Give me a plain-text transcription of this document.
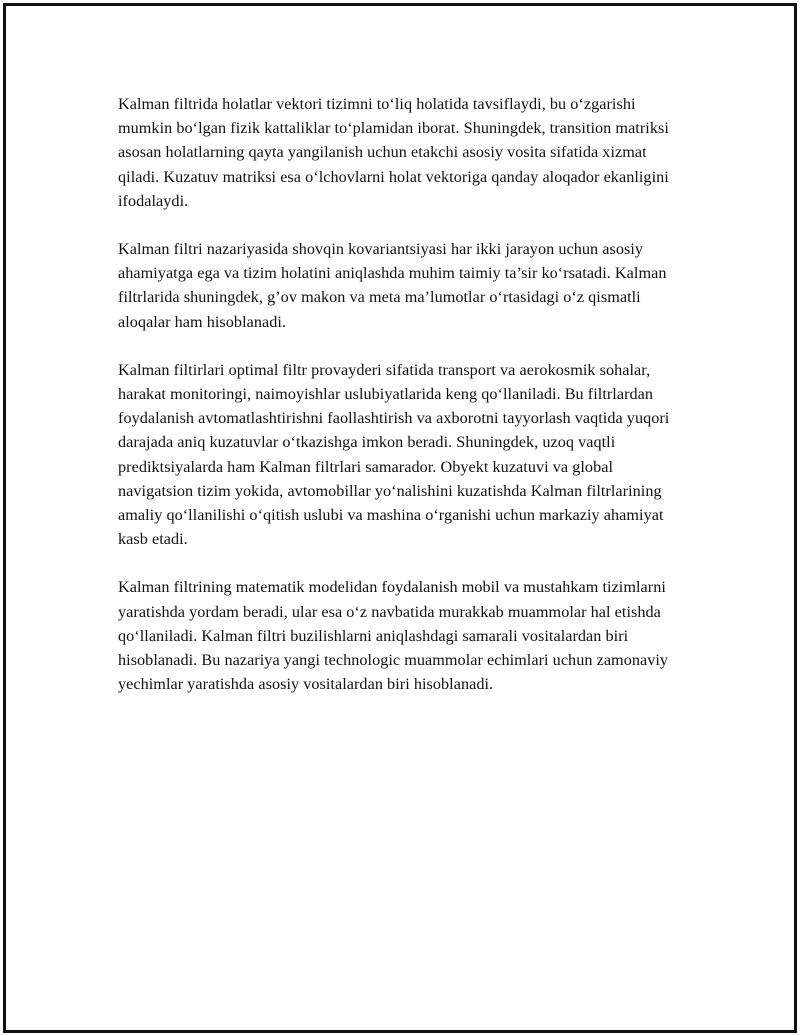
Kalman filtrida holatlar vektori tizimni to‘liq holatida tavsiflaydi, bu o‘zgarishi mumkin bo‘lgan fizik kattaliklar to‘plamidan iborat. Shuningdek, transition matriksi asosan holatlarning qayta yangilanish uchun etakchi asosiy vosita sifatida xizmat qiladi. Kuzatuv matriksi esa o‘lchovlarni holat vektoriga qanday aloqador ekanligini ifodalaydi.

Kalman filtri nazariyasida shovqin kovariantsiyasi har ikki jarayon uchun asosiy ahamiyatga ega va tizim holatini aniqlashda muhim taimiy ta’sir ko‘rsatadi. Kalman filtrlarida shuningdek, g’ov makon va meta ma’lumotlar o‘rtasidagi o‘z qismatli aloqalar ham hisoblanadi.

Kalman filtirlari optimal filtr provayderi sifatida transport va aerokosmik sohalar, harakat monitoringi, naimoyishlar uslubiyatlarida keng qo‘llaniladi. Bu filtrlardan foydalanish avtomatlashtirishni faollashtirish va axborotni tayyorlash vaqtida yuqori darajada aniq kuzatuvlar o‘tkazishga imkon beradi. Shuningdek, uzoq vaqtli prediktsiyalarda ham Kalman filtrlari samarador. Obyekt kuzatuvi va global navigatsion tizim yokida, avtomobillar yo‘nalishini kuzatishda Kalman filtrlarining amaliy qo‘llanilishi o‘qitish uslubi va mashina o‘rganishi uchun markaziy ahamiyat kasb etadi.

Kalman filtrining matematik modelidan foydalanish mobil va mustahkam tizimlarni yaratishda yordam beradi, ular esa o‘z navbatida murakkab muammolar hal etishda qo‘llaniladi. Kalman filtri buzilishlarni aniqlashdagi samarali vositalardan biri hisoblanadi. Bu nazariya yangi technologic muammolar echimlari uchun zamonaviy yechimlar yaratishda asosiy vositalardan biri hisoblanadi.
